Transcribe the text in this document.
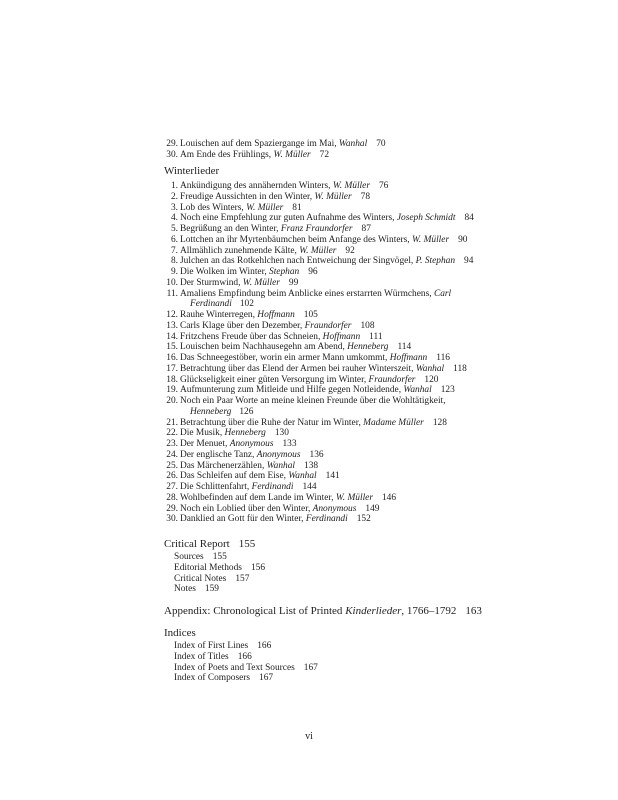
29. Louischen auf dem Spaziergange im Mai, Wanhal 70
30. Am Ende des Frühlings, W. Müller 72

Winterlieder

1. Ankündigung des annähernden Winters, W. Müller 76
2. Freudige Aussichten in den Winter, W. Müller 78
3. Lob des Winters, W. Müller 81
4. Noch eine Empfehlung zur guten Aufnahme des Winters, Joseph Schmidt 84
5. Begrüßung an den Winter, Franz Fraundorfer 87
6. Lottchen an ihr Myrtenbäumchen beim Anfange des Winters, W. Müller 90
7. Allmählich zunehmende Kälte, W. Müller 92
8. Julchen an das Rotkehlchen nach Entweichung der Singvögel, P. Stephan 94
9. Die Wolken im Winter, Stephan 96
10. Der Sturmwind, W. Müller 99
11. Amaliens Empfindung beim Anblicke eines erstarrten Würmchens, Carl
Ferdinandi 102
12. Rauhe Winterregen, Hoffmann 105
13. Carls Klage über den Dezember, Fraundorfer 108
14. Fritzchens Freude über das Schneien, Hoffmann 111
15. Louischen beim Nachhausegehn am Abend, Henneberg 114
16. Das Schneegestöber, worin ein armer Mann umkommt, Hoffmann 116
17. Betrachtung über das Elend der Armen bei rauher Winterszeit, Wanhal 118
18. Glückseligkeit einer güten Versorgung im Winter, Fraundorfer 120
19. Aufmunterung zum Mitleide und Hilfe gegen Notleidende, Wanhal 123
20. Noch ein Paar Worte an meine kleinen Freunde über die Wohltätigkeit,
Henneberg 126
21. Betrachtung über die Ruhe der Natur im Winter, Madame Müller 128
22. Die Musik, Henneberg 130
23. Der Menuet, Anonymous 133
24. Der englische Tanz, Anonymous 136
25. Das Märchenerzählen, Wanhal 138
26. Das Schleifen auf dem Eise, Wanhal 141
27. Die Schlittenfahrt, Ferdinandi 144
28. Wohlbefinden auf dem Lande im Winter, W. Müller 146
29. Noch ein Loblied über den Winter, Anonymous 149
30. Danklied an Gott für den Winter, Ferdinandi 152

Critical Report 155

Sources 155
Editorial Methods 156
Critical Notes 157
Notes 159

Appendix: Chronological List of Printed Kinderlieder, 1766–1792 163

Indices

Index of First Lines 166
Index of Titles 166
Index of Poets and Text Sources 167
Index of Composers 167
vi
